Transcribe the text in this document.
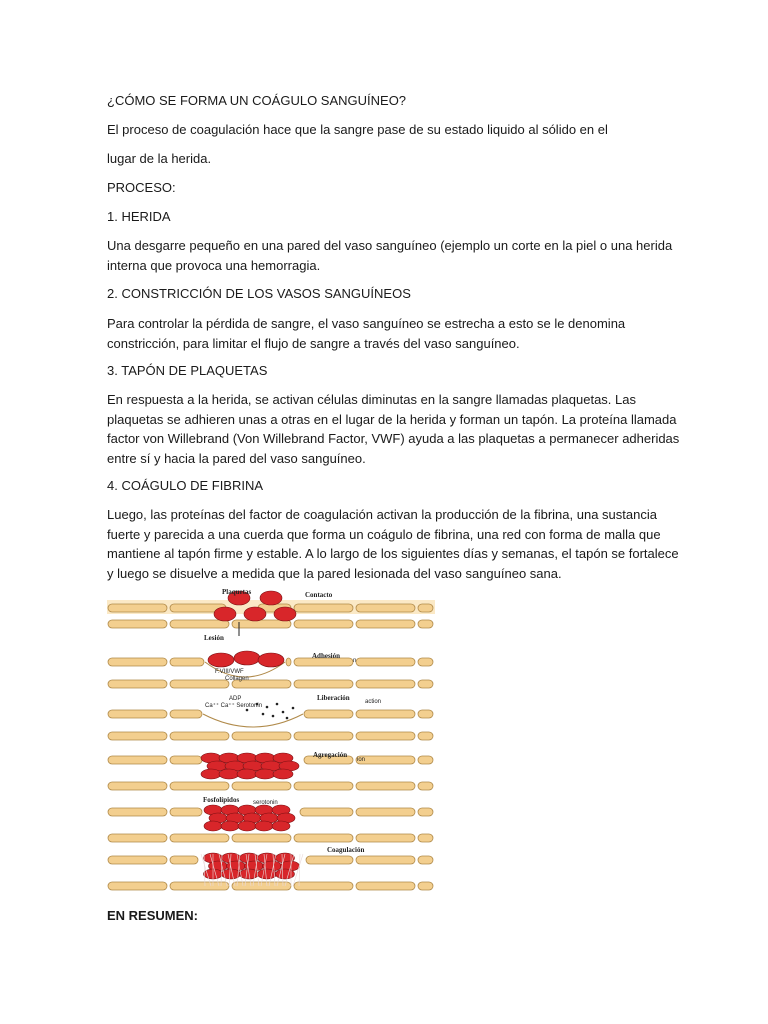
¿CÓMO SE FORMA UN COÁGULO SANGUÍNEO?
El proceso de coagulación hace que la sangre pase de su estado liquido al sólido en el
lugar de la herida.
PROCESO:
1. HERIDA
Una desgarre pequeño en una pared del vaso sanguíneo (ejemplo un corte en la piel o una herida
interna que provoca una hemorragia.
2. CONSTRICCIÓN DE LOS VASOS SANGUÍNEOS
Para controlar la pérdida de sangre, el vaso sanguíneo se estrecha a esto se le denomina
constricción, para limitar el flujo de sangre a través del vaso sanguíneo.
3. TAPÓN DE PLAQUETAS
En respuesta a la herida, se activan células diminutas en la sangre llamadas plaquetas. Las
plaquetas se adhieren unas a otras en el lugar de la herida y forman un tapón. La proteína llamada
factor von Willebrand (Von Willebrand Factor, VWF) ayuda a las plaquetas a permanecer adheridas
entre sí y hacia la pared del vaso sanguíneo.
4. COÁGULO DE FIBRINA
Luego, las proteínas del factor de coagulación activan la producción de la fibrina, una sustancia
fuerte y parecida a una cuerda que forma un coágulo de fibrina, una red con forma de malla que
mantiene al tapón firme y estable. A lo largo de los siguientes días y semanas, el tapón se fortalece
y luego se disuelve a medida que la pared lesionada del vaso sanguíneo sana.
Plaquetas	Contacto
Lesión
Adhesión
n
F.VIII/VWF
Collagen
ADP
Ca⁺⁺ Ca⁺⁺ Serotonin
Liberación	action
Agregación
ion
Fosfolípidos serotonin
Coagulación
EN RESUMEN:
